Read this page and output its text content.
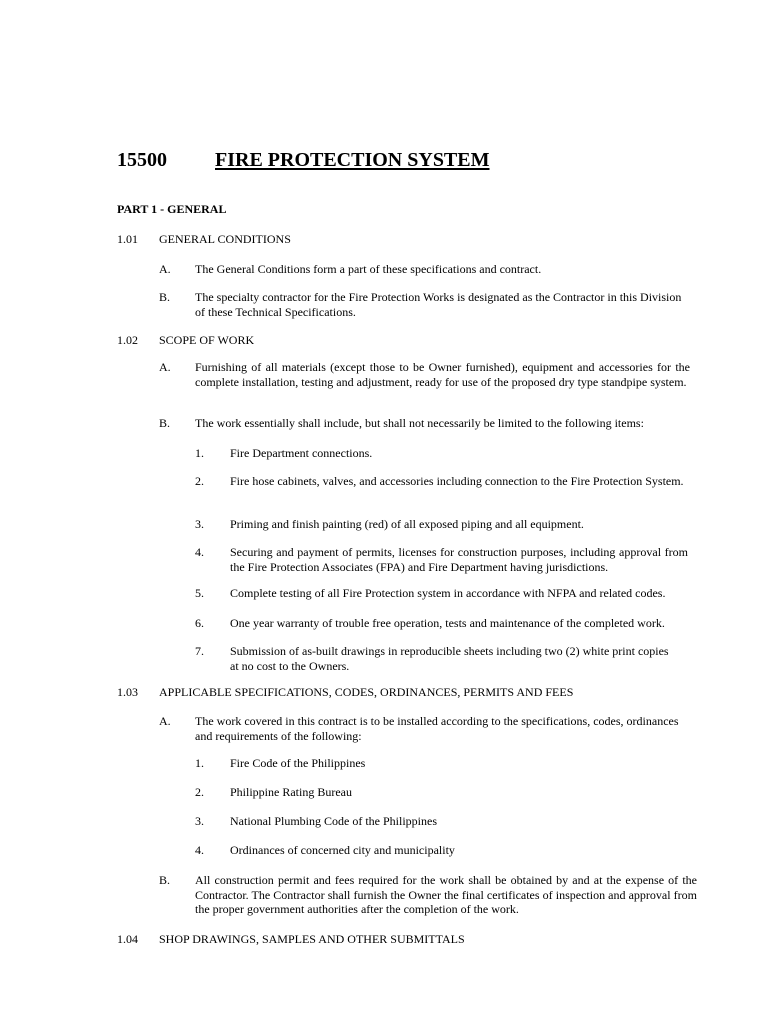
15500 FIRE PROTECTION SYSTEM
PART 1 - GENERAL
1.01 GENERAL CONDITIONS
A. The General Conditions form a part of these specifications and contract.
B. The specialty contractor for the Fire Protection Works is designated as the Contractor in this Division of these Technical Specifications.
1.02 SCOPE OF WORK
A. Furnishing of all materials (except those to be Owner furnished), equipment and accessories for the complete installation, testing and adjustment, ready for use of the proposed dry type standpipe system.
B. The work essentially shall include, but shall not necessarily be limited to the following items:
1. Fire Department connections.
2. Fire hose cabinets, valves, and accessories including connection to the Fire Protection System.
3. Priming and finish painting (red) of all exposed piping and all equipment.
4. Securing and payment of permits, licenses for construction purposes, including approval from the Fire Protection Associates (FPA) and Fire Department having jurisdictions.
5. Complete testing of all Fire Protection system in accordance with NFPA and related codes.
6. One year warranty of trouble free operation, tests and maintenance of the completed work.
7. Submission of as-built drawings in reproducible sheets including two (2) white print copies at no cost to the Owners.
1.03 APPLICABLE SPECIFICATIONS, CODES, ORDINANCES, PERMITS AND FEES
A. The work covered in this contract is to be installed according to the specifications, codes, ordinances and requirements of the following:
1. Fire Code of the Philippines
2. Philippine Rating Bureau
3. National Plumbing Code of the Philippines
4. Ordinances of concerned city and municipality
B. All construction permit and fees required for the work shall be obtained by and at the expense of the Contractor. The Contractor shall furnish the Owner the final certificates of inspection and approval from the proper government authorities after the completion of the work.
1.04 SHOP DRAWINGS, SAMPLES AND OTHER SUBMITTALS
